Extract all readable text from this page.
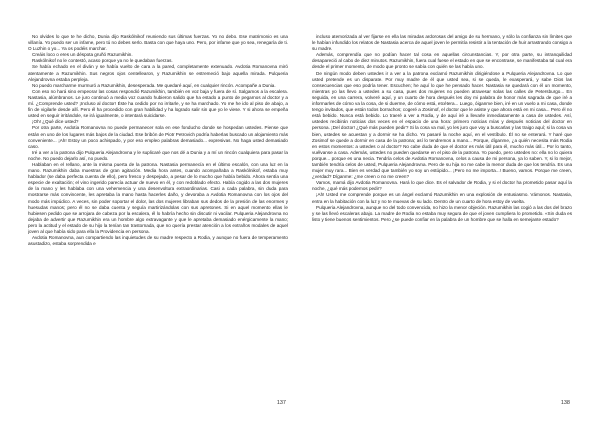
No olvides lo que te he dicho, Dunia dijo Raskólnikof reuniendo sus últimas fuerzas. Yo no debo. Ese matrimonio es una villanía. Yo puedo ser un infame, pero tú no debes serlo. Basta con que haya uno. Pero, por infame que yo sea, renegaría de ti. O Luzhin o yo... Ya os podéis marchar.

Creáis loco o eres un déspota gruñó Razumikhin.

Raskólnikof no le contestó, acaso porque ya no le quedaban fuerzas.

Se había echado en el diván y se había vuelto de cara a la pared, completamente extenuado. Avdotia Romanovna miró atentamente a Razumikhin. Sus negros ojos centellearon, y Razumikhin se estremeció bajo aquella mirada. Pulqueria Alejandrovna estaba perpleja.

No puedo marcharme murmuró a Razumikhin, desesperada. Me quedaré aquí, en cualquier rincón. Acompañe a Dunia.

Con eso no hará sino empeorar las cosas respondió Razumikhin, también en voz baja y fuera de sí. Salgamos a la escalera. Nastasia, alúmbranos. Le juro continuó a media voz cuando hubieron salido que ha estado a punto de pegarnos al doctor y a mí. ¿Comprende usted? ¡Incluso al doctor! Éste ha cedido por no irritarle, y se ha marchado. Yo me he ido al piso de abajo, a fin de vigilarle desde allí. Pero él ha procedido con gran habilidad y ha logrado salir sin que yo le viese. Y si ahora se empeña usted en seguir irritándole, se irá igualmente, o intentará suicidarse.

¡Oh! ¿Qué dice usted?

Por otra parte, Avdotia Romanovna no puede permanecer sola en ese fonducho donde se hospedan ustedes. Piense que están en uno de los lugares más bajos de la ciudad. Ese bribón de Piotr Petrovich podría haberlas buscado un alojamiento más conveniente... ¡Ah! Estoy un poco achispado, y por eso empleo palabras demasiado... expresivas. No haga usted demasiado caso.

Iré a ver a la patrona dijo Pulqueria Alejandrovna y le suplicaré que nos dé a Dunia y a mí un rincón cualquiera para pasar la noche. No puedo dejarlo así, no puedo.

Hablaban en el rellano, ante la misma puerta de la patrona. Nastasia permanecía en el último escalón, con una luz en la mano. Razumikhin daba muestras de gran agitación. Media hora antes, cuando acompañaba a Raskólnikof, estaba muy hablador (se daba perfecta cuenta de ello), pero fresco y despejado, a pesar de lo mucho que había bebido. Ahora sentía una especie de exaltación; el vino ingerido parecía actuar de nuevo en él, y con redoblado efecto. Había cogido a las dos mujeres de la mano y les hablaba con una vehemencia y una desenvoltura extraordinarias. Casi a cada palabra, sin duda para mostrarse más convincente, les apretaba la mano hasta hacerles daño, y devoraba a Avdotia Romanovna con los ojos del modo más impúdico. A veces, sin poder soportar el dolor, las dos mujeres libraban sus dedos de la presión de las enormes y huesudas manos; pero él no se daba cuenta y seguía martirizándolas con sus apretones. Si en aquel momento ellas le hubiesen pedido que se arrojara de cabeza por la escalera, él lo habría hecho sin discutir ni vacilar. Pulqueria Alejandrovna no dejaba de advertir que Razumikhin era un hombre algo extravagante y que le apretaba demasiado enérgicamente la mano; pero la actitud y el estado de su hijo la tenían tan trastornada, que no quería prestar atención a los extraños modales de aquel joven al que había sido para ella la Providencia en persona.

Avdotia Romanovna, aun compartiendo las inquietudes de su madre respecto a Rodia, y aunque no fuera de temperamento asustadizo, estaba sorprendida e

137

incluso atemorizada al ver fijarse en ella las miradas ardorosas del amigo de su hermano, y sólo la confianza sin límites que le habían infundido los relatos de Nastasia acerca de aquel joven le permitía resistir a la tentación de huir arrastrando consigo a su madre.

Además, comprendía que no podían hacer tal cosa en aquellas circunstancias. Y, por otra parte, su intranquilidad desapareció al cabo de diez minutos. Razumikhin, fuera cual fuese el estado en que se encontrase, se manifestaba tal cual era desde el primer momento, de modo que pronto se sabía con quién se las había uno.

De ningún modo deben ustedes ir a ver a la patrona exclamó Razumikhin dirigiéndose a Pulqueria Alejandrovna. Lo que usted pretende es un disparate. Por muy madre de él que usted sea, si se queda, le exasperará, y sabe Dios las consecuencias que eso podría tener. Escuchen; he aquí lo que he pensado hacer. Nastasia se quedará con él un momento, mientras yo las llevo a ustedes a su casa, pues dos mujeres no pueden atravesar solas las calles de Petersburgo... En seguida, en una carrera, volveré aquí, y un cuarto de hora después les doy mi palabra de honor más sagrada de que iré a informarles de cómo va la cosa, de si duerme, de cómo está, etcétera... Luego, óiganme bien, iré en un vuelo a mi casa, donde tengo invitados, que están todos borrachos; cogeré a Zosimof, el doctor que le asiste y que ahora está en mi casa... Pero él no está bebido. Nunca está bebido. Lo traeré a ver a Rodia, y de aquí iré a llevarle inmediatamente a casa de ustedes. Así, ustedes recibirán noticias dos veces en el espacio de una hora: primero noticias mías y después noticias del doctor en persona. ¡Del doctor! ¿Qué más pueden pedir? Si la cosa va mal, yo les juro que voy a buscarlas y las traigo aquí; si la cosa va bien, ustedes se acuestan y a dormir se ha dicho. Yo pasaré la noche aquí, en el vestíbulo. Él no se enterará. Y haré que Zosimof se quede a dormir en casa de la patrona; así lo tendremos a mano... Porque, díganme, ¿a quién necesita más Rodia en estos momentos: a ustedes o al doctor? No cabe duda de que el doctor es más útil para él, mucho más útil... Por lo tanto, vuélvanse a casa. Además, ustedes no pueden quedarse en el piso de la patrona. Yo puedo, pero ustedes no: ella no lo quiera porque... porque es una necia. Tendría celos de Avdotia Romanovna, celos a causa de mi persona, ya lo saben. Y, si lo mejor, también tendría celos de usted, Pulqueria Alejandrovna. Pero de su hija no me cabe la menor duda de que los tendría. Es una mujer muy rara... Bien es verdad que también yo soy un estúpido... ¡Pero no me importa...! Bueno, vamos. Porque me creen, ¿verdad? Díganme: ¿me creen o no me creen?

Vamos, mamá dijo Avdotia Romanovna. Hará lo que dice. Es el salvador de Rodia, y si el doctor ha prometido pasar aquí la noche, ¿qué más podemos pedir?

¡Ah! Usted me comprende porque es un ángel exclamó Razumikhin en una explosión de entusiasmo. Vámonos. Nastasia, entra en la habitación con la luz y no te muevas de su lado. Dentro de un cuarto de hora estoy de vuelta.

Pulqueria Alejandrovna, aunque no del todo convencida, no hizo la menor objeción. Razumikhin las cogió a las dos del brazo y se las llevó escaleras abajo. La madre de Rodia no estaba muy segura de que el joven cumpliera lo prometido. «Sin duda es listo y tiene buenos sentimientos. Pero ¿se puede confiar en la palabra de un hombre que se halla en semejante estado?

138
